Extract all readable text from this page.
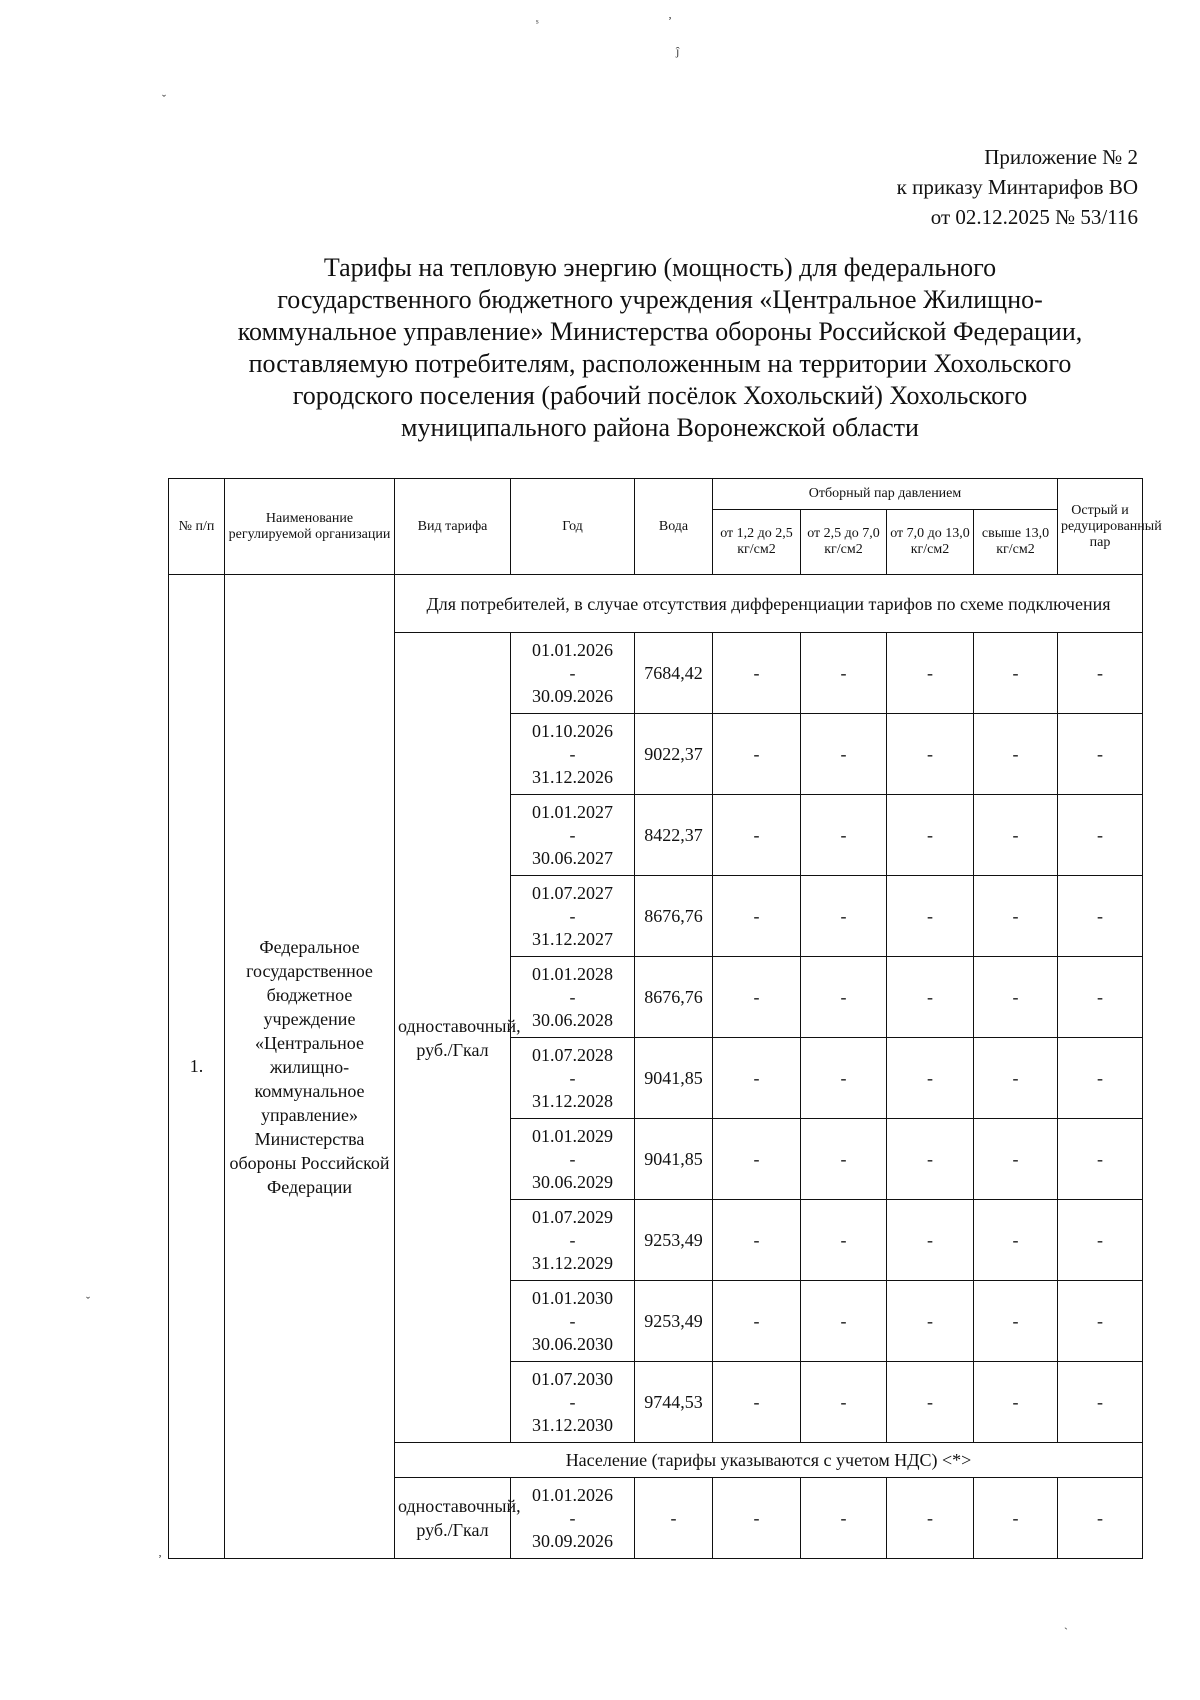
ˢ	ʼ
ĵ
ˇ
ˇ
ʼ
ˎ
Приложение № 2
к приказу Минтарифов ВО
от 02.12.2025 № 53/116
Тарифы на тепловую энергию (мощность) для федерального
государственного бюджетного учреждения «Центральное Жилищно-
коммунальное управление» Министерства обороны Российской Федерации,
поставляемую потребителям, расположенным на территории Хохольского
городского поселения (рабочий посёлок Хохольский) Хохольского
муниципального района Воронежской области
№ п/п	Наименование регулируемой организации	Вид тарифа	Год	Вода	Отборный пар давлением				Острый и редуцированный пар
					от 1,2 до 2,5 кг/см2	от 2,5 до 7,0 кг/см2	от 7,0 до 13,0 кг/см2	свыше 13,0 кг/см2	
1.	Федеральное государственное бюджетное учреждение «Центральное жилищно-коммунальное управление» Министерства обороны Российской Федерации	Для потребителей, в случае отсутствия дифференциации тарифов по схеме подключения							
		одноставочный, руб./Гкал	01.01.2026
-
30.09.2026	7684,42	-	-	-	-	-

			01.10.2026
-
31.12.2026	9022,37	-	-	-	-	-

			01.01.2027
-
30.06.2027	8422,37	-	-	-	-	-

			01.07.2027
-
31.12.2027	8676,76	-	-	-	-	-

			01.01.2028
-
30.06.2028	8676,76	-	-	-	-	-

			01.07.2028
-
31.12.2028	9041,85	-	-	-	-	-

			01.01.2029
-
30.06.2029	9041,85	-	-	-	-	-

			01.07.2029
-
31.12.2029	9253,49	-	-	-	-	-

			01.01.2030
-
30.06.2030	9253,49	-	-	-	-	-

			01.07.2030
-
31.12.2030	9744,53	-	-	-	-	-
		Население (тарифы указываются с учетом НДС) <*>							
		одноставочный, руб./Гкал	01.01.2026
-
30.09.2026	-	-	-	-	-	-
